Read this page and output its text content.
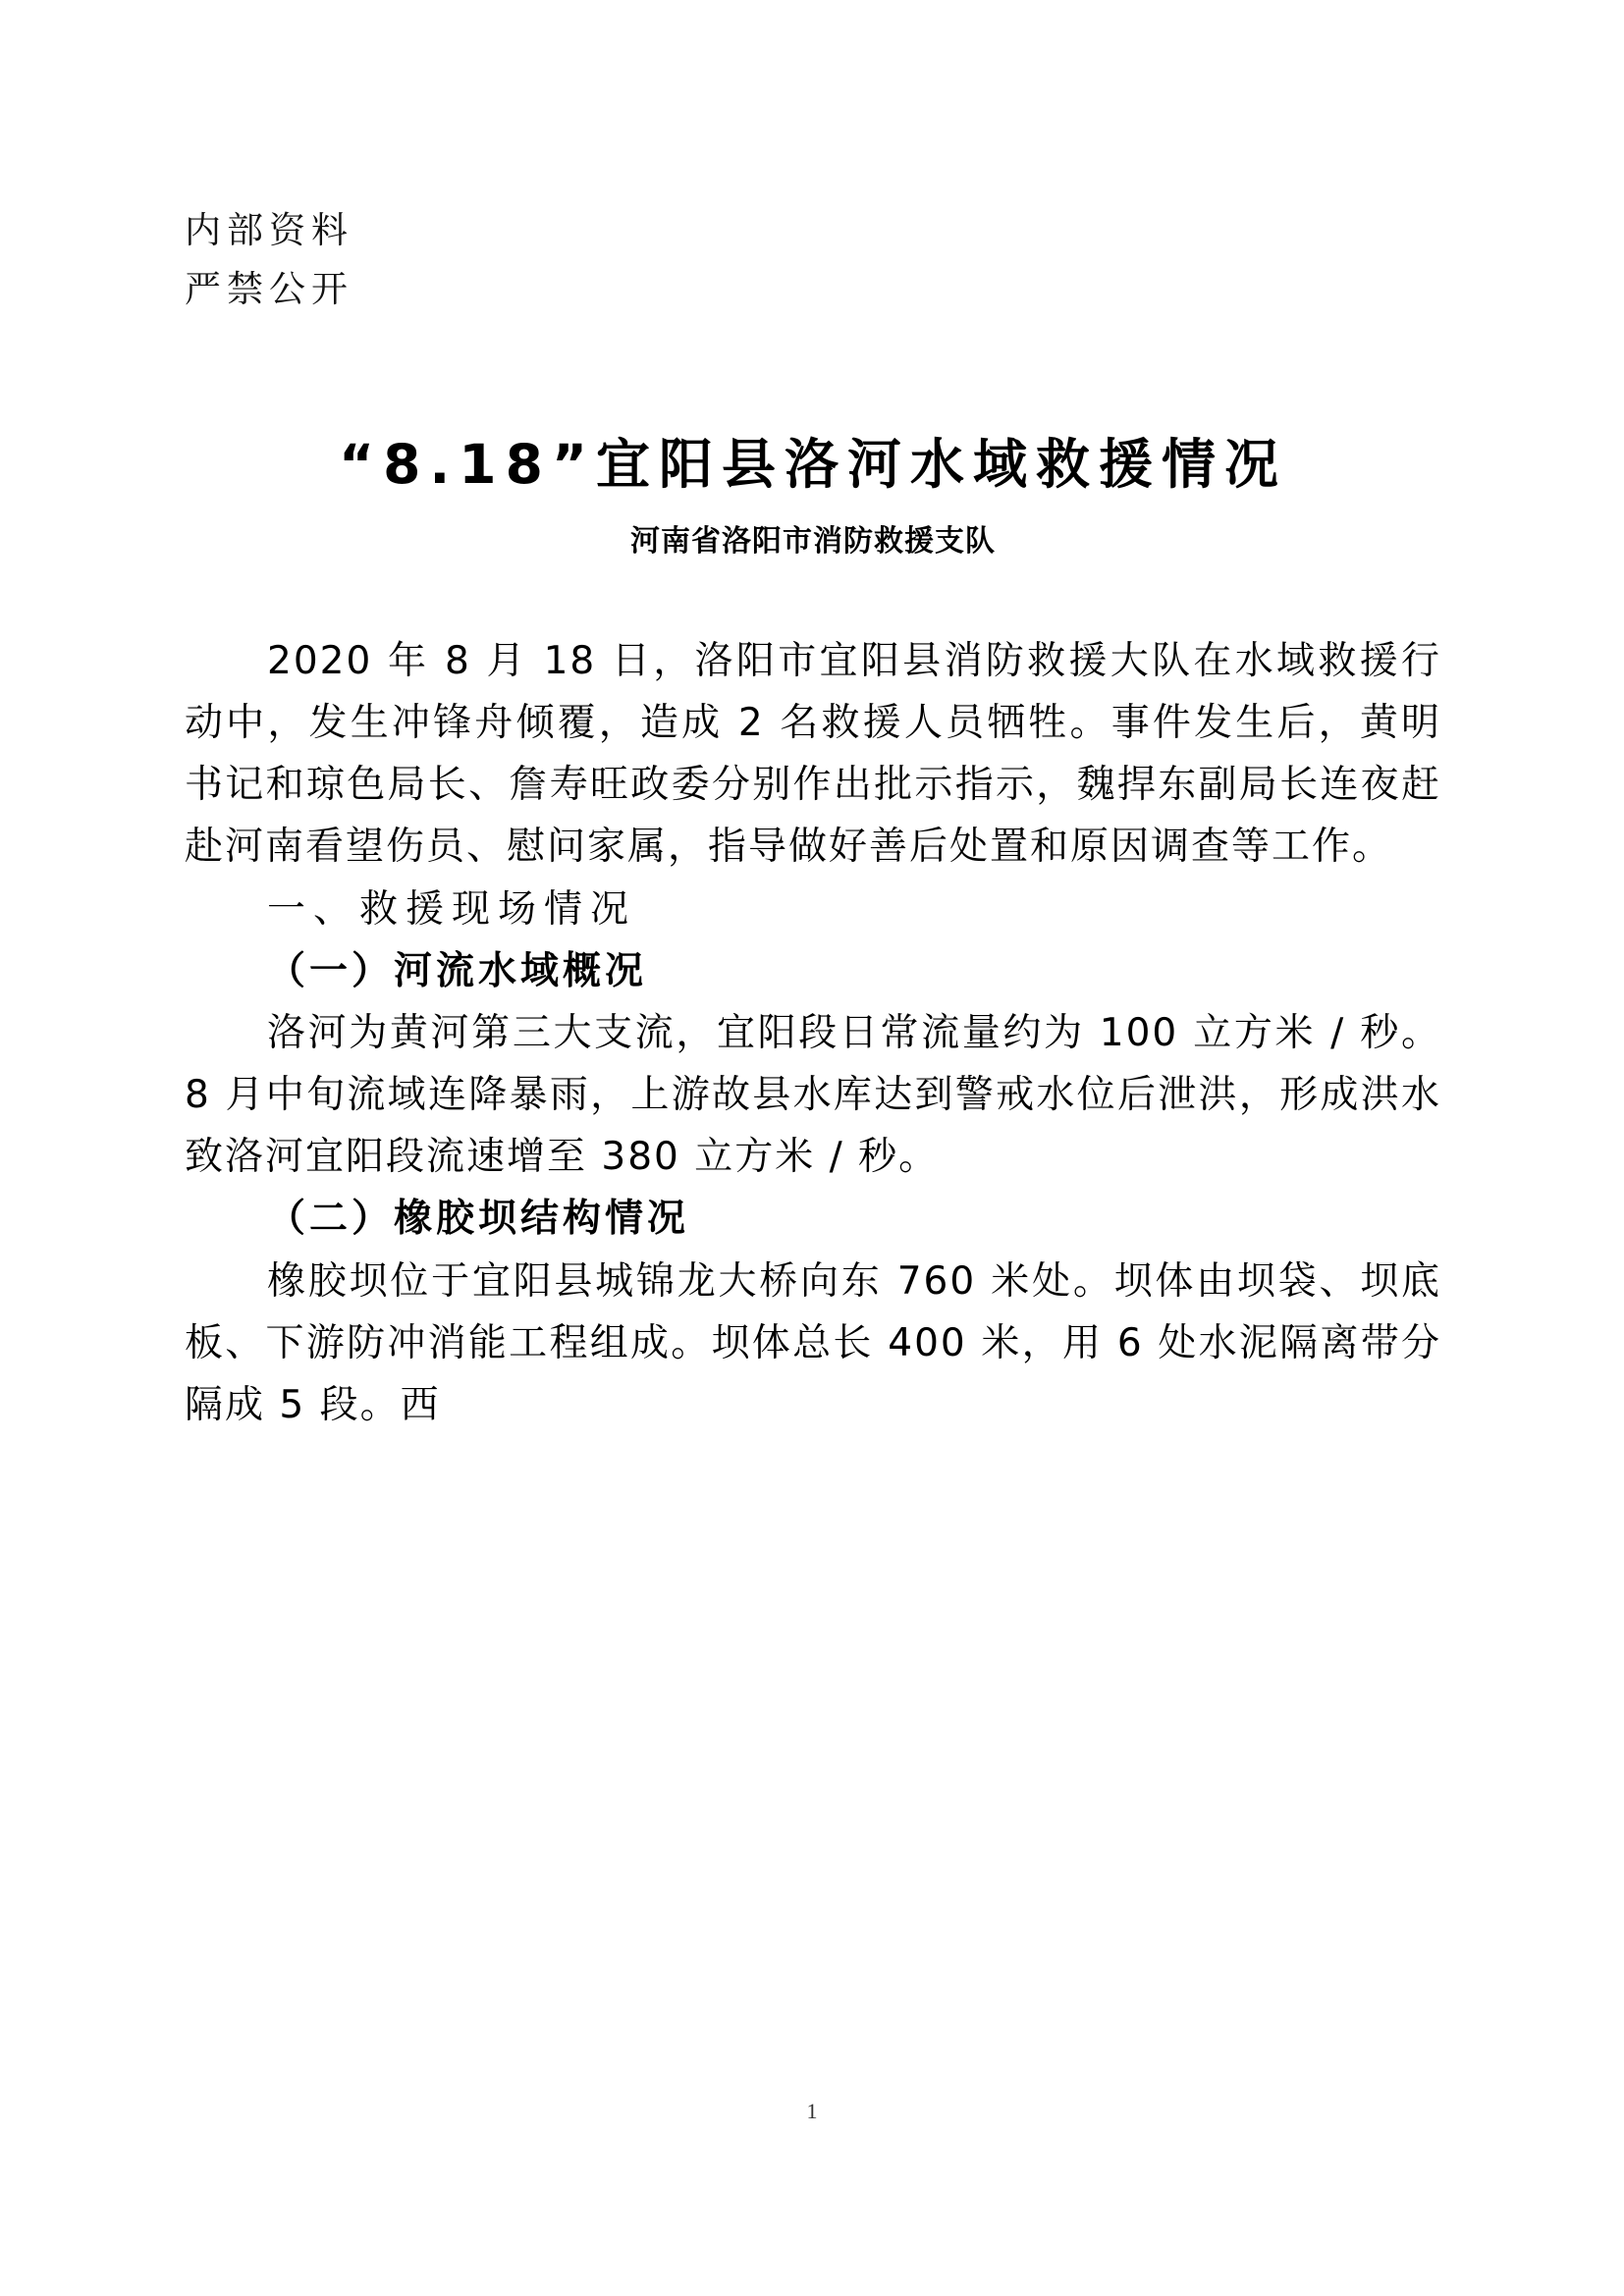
内部资料
严禁公开
“8.18”宜阳县洛河水域救援情况
河南省洛阳市消防救援支队

2020 年 8 月 18 日，洛阳市宜阳县消防救援大队在水域救援行动中，发生冲锋舟倾覆，造成 2 名救援人员牺牲。事件发生后，黄明书记和琼色局长、詹寿旺政委分别作出批示指示，魏捍东副局长连夜赶赴河南看望伤员、慰问家属，指导做好善后处置和原因调查等工作。

一、救援现场情况

（一）河流水域概况

洛河为黄河第三大支流，宜阳段日常流量约为 100 立方米 / 秒。8 月中旬流域连降暴雨，上游故县水库达到警戒水位后泄洪，形成洪水致洛河宜阳段流速增至 380 立方米 / 秒。

（二）橡胶坝结构情况

橡胶坝位于宜阳县城锦龙大桥向东 760 米处。坝体由坝袋、坝底板、下游防冲消能工程组成。坝体总长 400 米，用 6 处水泥隔离带分隔成 5 段。西

1
